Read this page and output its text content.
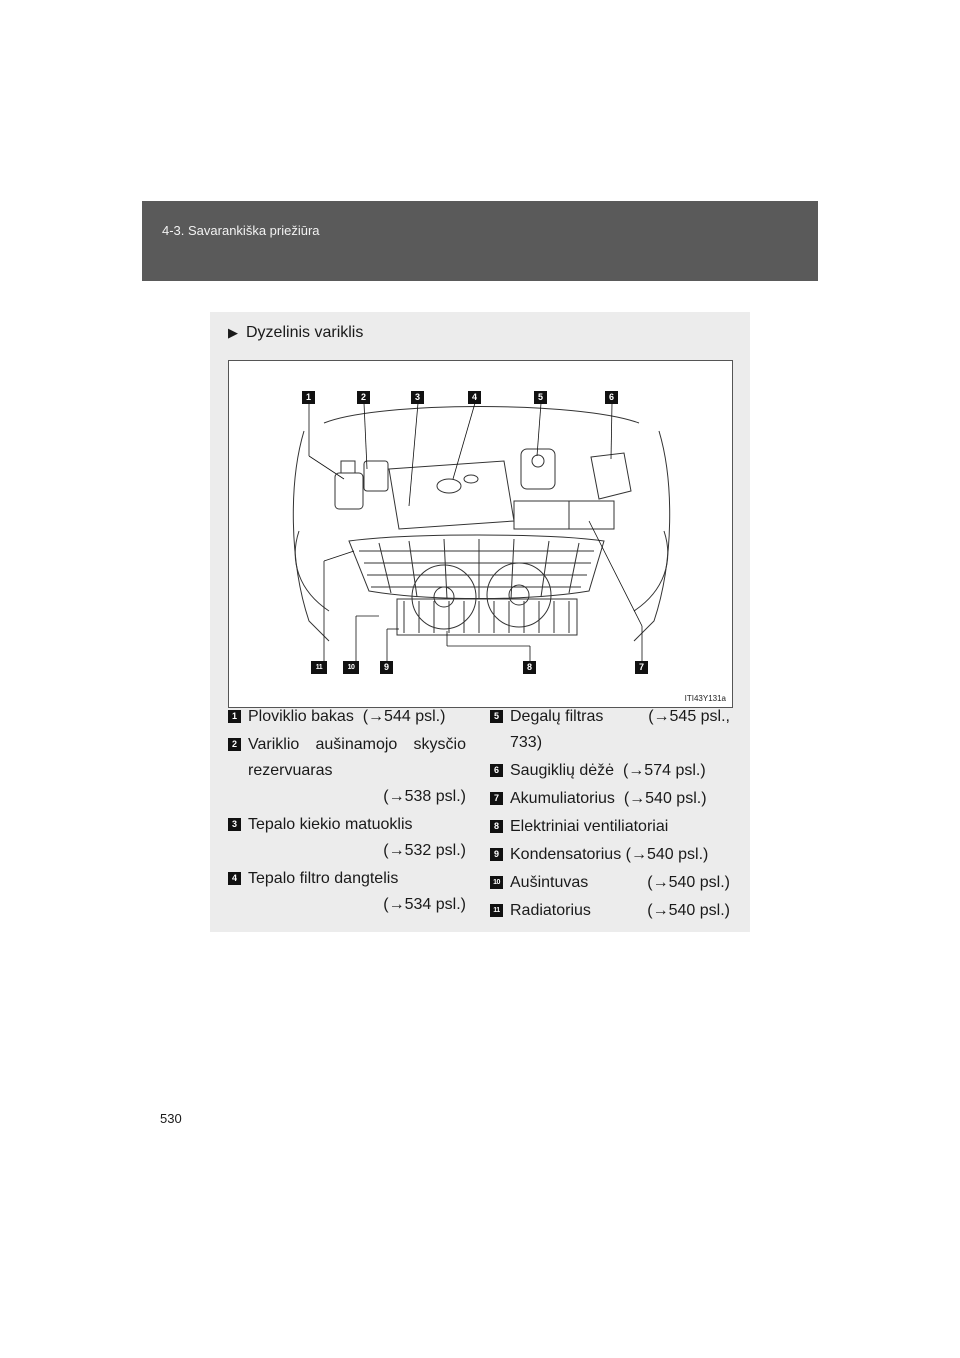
4-3. Savarankiška priežiūra
▶ Dyzelinis variklis
1	2	3	4	5	6
7
8
9
10
11
ITI43Y131a
1 Ploviklio bakas (→544 psl.)
2 Variklio aušinamojo skysčio
rezervuaras
(→538 psl.)
3 Tepalo kiekio matuoklis
(→532 psl.)
4 Tepalo filtro dangtelis
(→534 psl.)
5 Degalų filtras	(→545 psl.,
733)
6 Saugiklių dėžė (→574 psl.)
7 Akumuliatorius (→540 psl.)
8 Elektriniai ventiliatoriai
9 Kondensatorius (→540 psl.)
10 Aušintuvas	(→540 psl.)
11 Radiatorius	(→540 psl.)
530
